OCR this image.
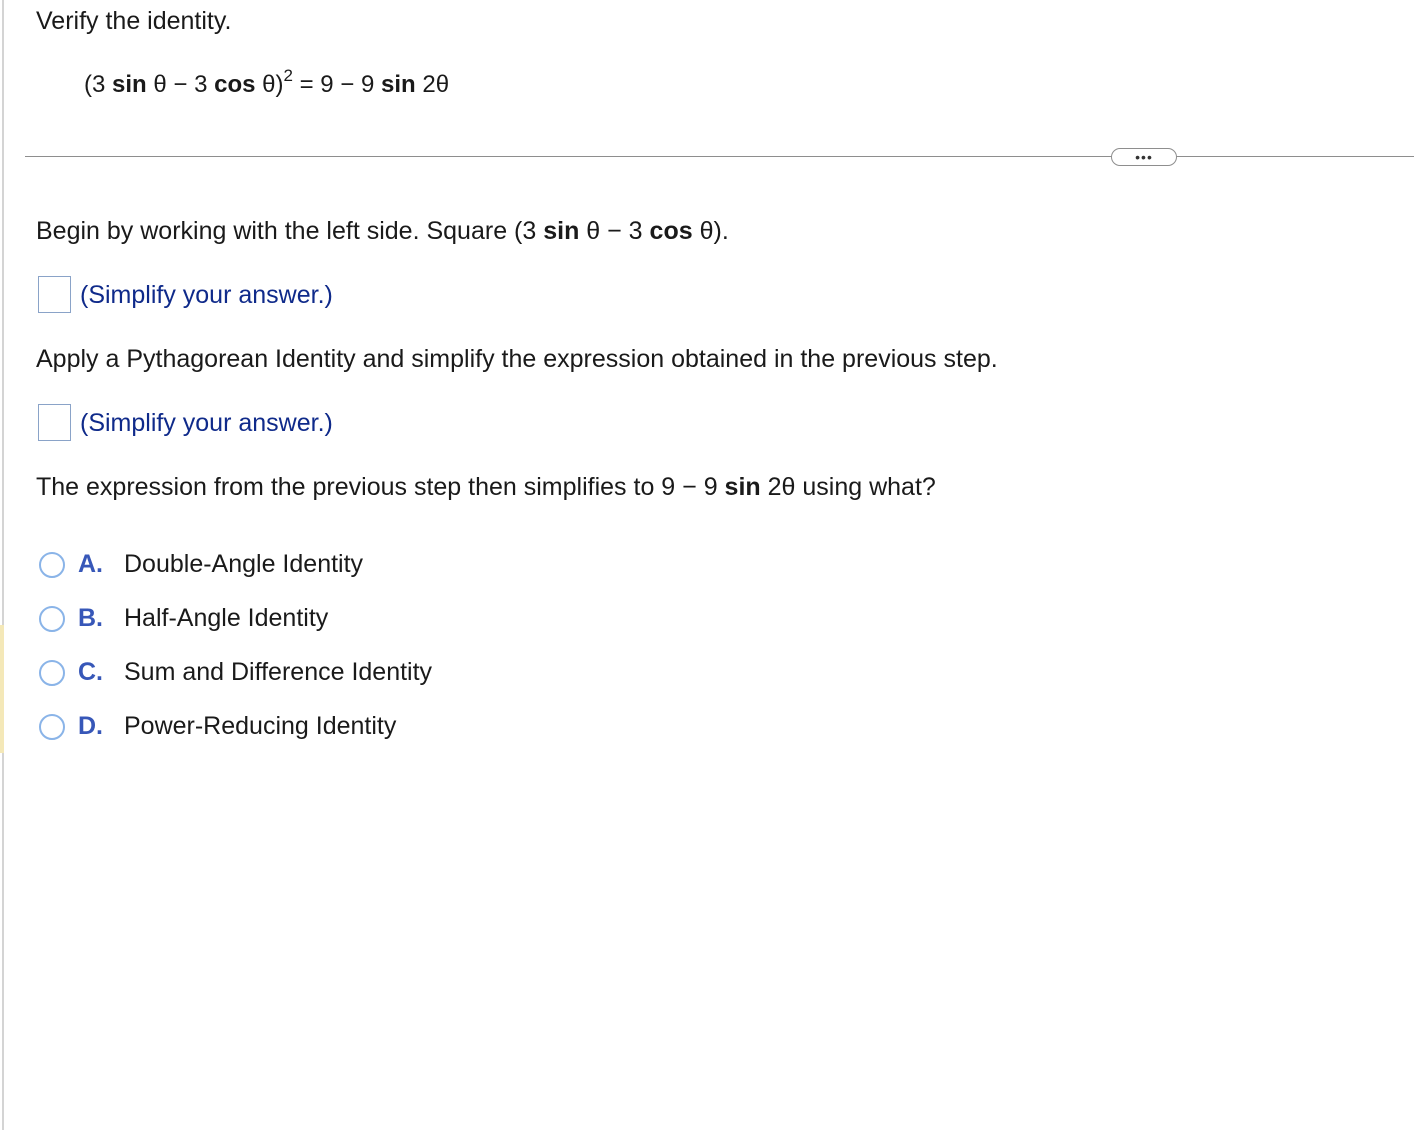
Verify the identity.
(3 sin θ − 3 cos θ)$^2$ = 9 − 9 sin 2θ
•••
Begin by working with the left side. Square (3 sin θ − 3 cos θ).
(Simplify your answer.)
Apply a Pythagorean Identity and simplify the expression obtained in the previous step.
(Simplify your answer.)
The expression from the previous step then simplifies to 9 − 9 sin 2θ using what?
A. Double-Angle Identity
B. Half-Angle Identity
C. Sum and Difference Identity
D. Power-Reducing Identity
